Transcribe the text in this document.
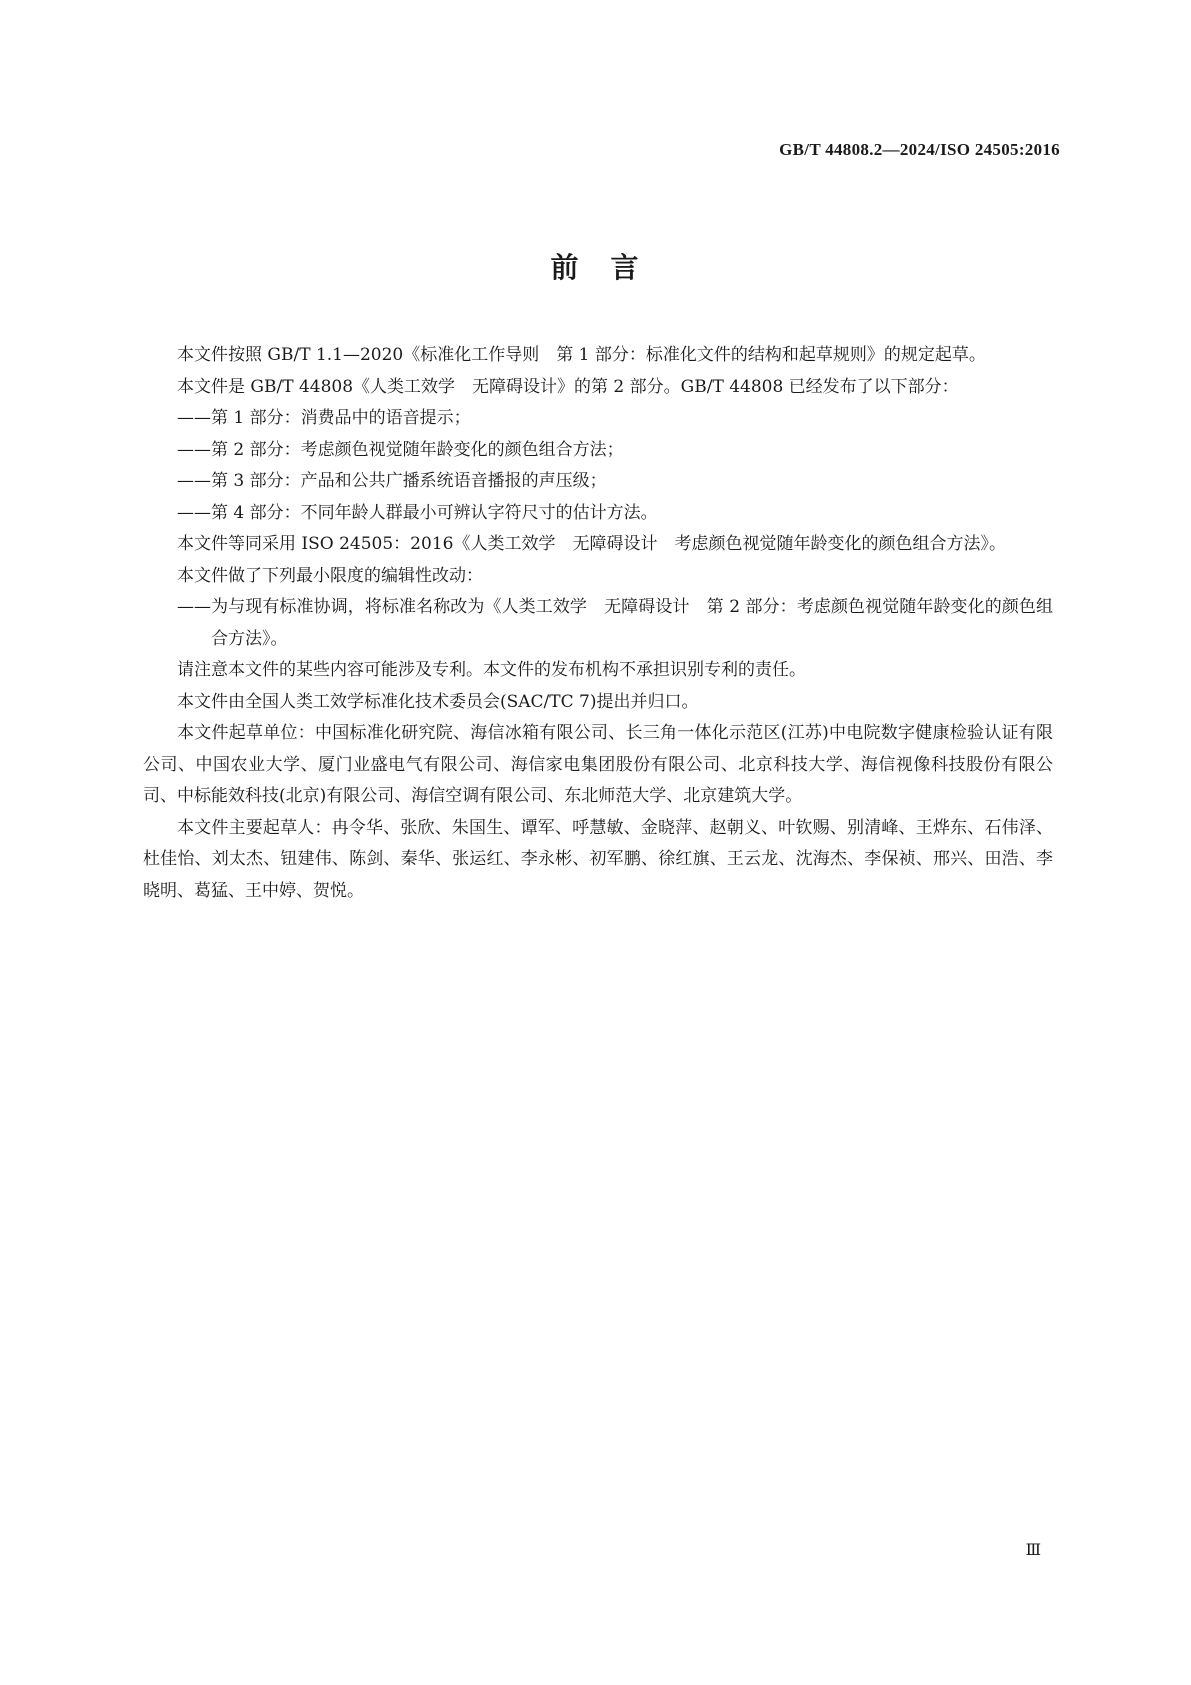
GB/T 44808.2—2024/ISO 24505:2016
前　言

本文件按照 GB/T 1.1—2020《标准化工作导则　第 1 部分：标准化文件的结构和起草规则》的规定起草。

本文件是 GB/T 44808《人类工效学　无障碍设计》的第 2 部分。GB/T 44808 已经发布了以下部分：

——第 1 部分：消费品中的语音提示；

——第 2 部分：考虑颜色视觉随年龄变化的颜色组合方法；

——第 3 部分：产品和公共广播系统语音播报的声压级；

——第 4 部分：不同年龄人群最小可辨认字符尺寸的估计方法。

本文件等同采用 ISO 24505：2016《人类工效学　无障碍设计　考虑颜色视觉随年龄变化的颜色组合方法》。

本文件做了下列最小限度的编辑性改动：

——为与现有标准协调，将标准名称改为《人类工效学　无障碍设计　第 2 部分：考虑颜色视觉随年龄变化的颜色组合方法》。

请注意本文件的某些内容可能涉及专利。本文件的发布机构不承担识别专利的责任。

本文件由全国人类工效学标准化技术委员会(SAC/TC 7)提出并归口。

本文件起草单位：中国标准化研究院、海信冰箱有限公司、长三角一体化示范区(江苏)中电院数字健康检验认证有限公司、中国农业大学、厦门业盛电气有限公司、海信家电集团股份有限公司、北京科技大学、海信视像科技股份有限公司、中标能效科技(北京)有限公司、海信空调有限公司、东北师范大学、北京建筑大学。

本文件主要起草人：冉令华、张欣、朱国生、谭军、呼慧敏、金晓萍、赵朝义、叶钦赐、别清峰、王烨东、石伟泽、杜佳怡、刘太杰、钮建伟、陈剑、秦华、张运红、李永彬、初军鹏、徐红旗、王云龙、沈海杰、李保祯、邢兴、田浩、李晓明、葛猛、王中婷、贺悦。

Ⅲ
